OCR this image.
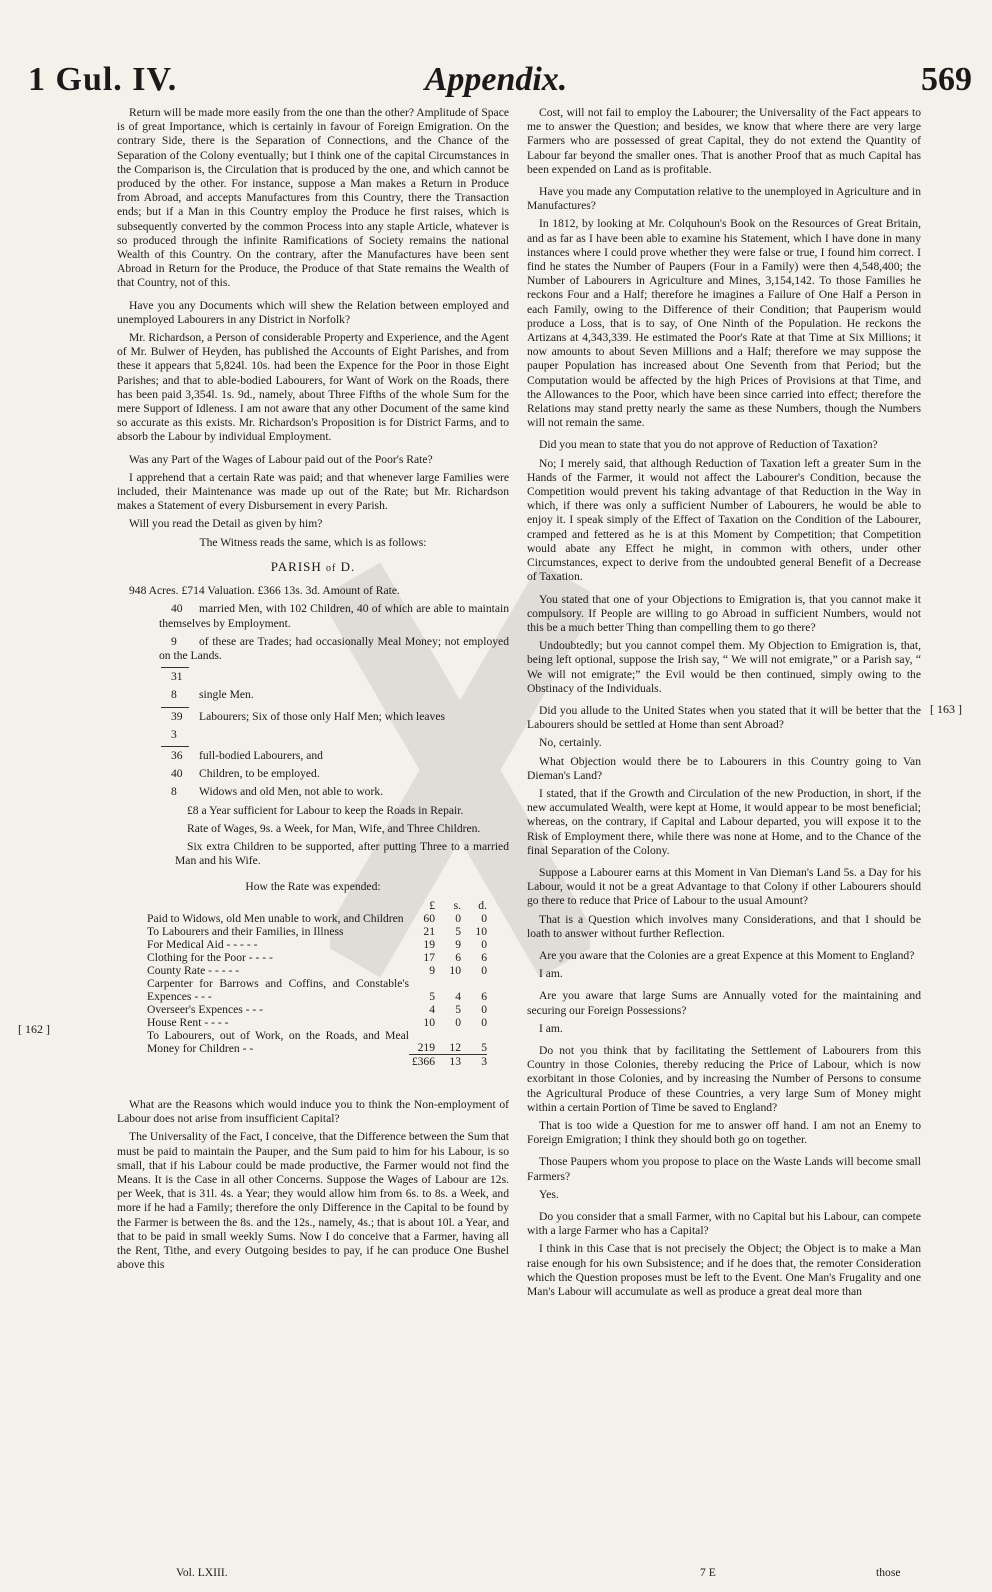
1 Gul. IV.	Appendix.	569

Return will be made more easily from the one than the other? Amplitude of Space is of great Importance, which is certainly in favour of Foreign Emigration. On the contrary Side, there is the Separation of Connections, and the Chance of the Separation of the Colony eventually; but I think one of the capital Circumstances in the Comparison is, the Circulation that is produced by the one, and which cannot be produced by the other. For instance, suppose a Man makes a Return in Produce from Abroad, and accepts Manufactures from this Country, there the Transaction ends; but if a Man in this Country employ the Produce he first raises, which is subsequently converted by the common Process into any staple Article, whatever is so produced through the infinite Ramifications of Society remains the national Wealth of this Country. On the contrary, after the Manufactures have been sent Abroad in Return for the Produce, the Produce of that State remains the Wealth of that Country, not of this.

Have you any Documents which will shew the Relation between employed and unemployed Labourers in any District in Norfolk?

Mr. Richardson, a Person of considerable Property and Experience, and the Agent of Mr. Bulwer of Heyden, has published the Accounts of Eight Parishes, and from these it appears that 5,824l. 10s. had been the Expence for the Poor in those Eight Parishes; and that to able-bodied Labourers, for Want of Work on the Roads, there has been paid 3,354l. 1s. 9d., namely, about Three Fifths of the whole Sum for the mere Support of Idleness. I am not aware that any other Document of the same kind so accurate as this exists. Mr. Richardson's Proposition is for District Farms, and to absorb the Labour by individual Employment.

Was any Part of the Wages of Labour paid out of the Poor's Rate?

I apprehend that a certain Rate was paid; and that whenever large Families were included, their Maintenance was made up out of the Rate; but Mr. Richardson makes a Statement of every Disbursement in every Parish.

Will you read the Detail as given by him?

The Witness reads the same, which is as follows:

PARISH of D.

948 Acres. £714 Valuation. £366 13s. 3d. Amount of Rate.

40 married Men, with 102 Children, 40 of which are able to maintain themselves by Employment.

9 of these are Trades; had occasionally Meal Money; not employed on the Lands.

31

8 single Men.

39 Labourers; Six of those only Half Men; which leaves

3

36 full-bodied Labourers, and

40 Children, to be employed.

8 Widows and old Men, not able to work.

£8 a Year sufficient for Labour to keep the Roads in Repair.

Rate of Wages, 9s. a Week, for Man, Wife, and Three Children.

Six extra Children to be supported, after putting Three to a married Man and his Wife.

How the Rate was expended:

	£	s.	d.
Paid to Widows, old Men unable to work, and Children	60	0	0
To Labourers and their Families, in Illness	21	5	10
For Medical Aid - - - - -	19	9	0
Clothing for the Poor - - - -	17	6	6
County Rate - - - - -	9	10	0
Carpenter for Barrows and Coffins, and Constable's Expences - - -	5	4	6
Overseer's Expences - - -	4	5	0
House Rent - - - -	10	0	0
To Labourers, out of Work, on the Roads, and Meal Money for Children - -	219	12	5
	£366	13	3

What are the Reasons which would induce you to think the Non-employment of Labour does not arise from insufficient Capital?

The Universality of the Fact, I conceive, that the Difference between the Sum that must be paid to maintain the Pauper, and the Sum paid to him for his Labour, is so small, that if his Labour could be made productive, the Farmer would not find the Means. It is the Case in all other Concerns. Suppose the Wages of Labour are 12s. per Week, that is 31l. 4s. a Year; they would allow him from 6s. to 8s. a Week, and more if he had a Family; therefore the only Difference in the Capital to be found by the Farmer is between the 8s. and the 12s., namely, 4s.; that is about 10l. a Year, and that to be paid in small weekly Sums. Now I do conceive that a Farmer, having all the Rent, Tithe, and every Outgoing besides to pay, if he can produce One Bushel above this

Cost, will not fail to employ the Labourer; the Universality of the Fact appears to me to answer the Question; and besides, we know that where there are very large Farmers who are possessed of great Capital, they do not extend the Quantity of Labour far beyond the smaller ones. That is another Proof that as much Capital has been expended on Land as is profitable.

Have you made any Computation relative to the unemployed in Agriculture and in Manufactures?

In 1812, by looking at Mr. Colquhoun's Book on the Resources of Great Britain, and as far as I have been able to examine his Statement, which I have done in many instances where I could prove whether they were false or true, I found him correct. I find he states the Number of Paupers (Four in a Family) were then 4,548,400; the Number of Labourers in Agriculture and Mines, 3,154,142. To those Families he reckons Four and a Half; therefore he imagines a Failure of One Half a Person in each Family, owing to the Difference of their Condition; that Pauperism would produce a Loss, that is to say, of One Ninth of the Population. He reckons the Artizans at 4,343,339. He estimated the Poor's Rate at that Time at Six Millions; it now amounts to about Seven Millions and a Half; therefore we may suppose the pauper Population has increased about One Seventh from that Period; but the Computation would be affected by the high Prices of Provisions at that Time, and the Allowances to the Poor, which have been since carried into effect; therefore the Relations may stand pretty nearly the same as these Numbers, though the Numbers will not remain the same.

Did you mean to state that you do not approve of Reduction of Taxation?

No; I merely said, that although Reduction of Taxation left a greater Sum in the Hands of the Farmer, it would not affect the Labourer's Condition, because the Competition would prevent his taking advantage of that Reduction in the Way in which, if there was only a sufficient Number of Labourers, he would be able to enjoy it. I speak simply of the Effect of Taxation on the Condition of the Labourer, cramped and fettered as he is at this Moment by Competition; that Competition would abate any Effect he might, in common with others, under other Circumstances, expect to derive from the undoubted general Benefit of a Decrease of Taxation.

You stated that one of your Objections to Emigration is, that you cannot make it compulsory. If People are willing to go Abroad in sufficient Numbers, would not this be a much better Thing than compelling them to go there?

Undoubtedly; but you cannot compel them. My Objection to Emigration is, that, being left optional, suppose the Irish say, “ We will not emigrate,” or a Parish say, “ We will not emigrate;” the Evil would be then continued, simply owing to the Obstinacy of the Individuals.

Did you allude to the United States when you stated that it will be better that the Labourers should be settled at Home than sent Abroad?

No, certainly.

What Objection would there be to Labourers in this Country going to Van Dieman's Land?

I stated, that if the Growth and Circulation of the new Production, in short, if the new accumulated Wealth, were kept at Home, it would appear to be most beneficial; whereas, on the contrary, if Capital and Labour departed, you will expose it to the Risk of Employment there, while there was none at Home, and to the Chance of the final Separation of the Colony.

Suppose a Labourer earns at this Moment in Van Dieman's Land 5s. a Day for his Labour, would it not be a great Advantage to that Colony if other Labourers should go there to reduce that Price of Labour to the usual Amount?

That is a Question which involves many Considerations, and that I should be loath to answer without further Reflection.

Are you aware that the Colonies are a great Expence at this Moment to England?

I am.

Are you aware that large Sums are Annually voted for the maintaining and securing our Foreign Possessions?

I am.

Do not you think that by facilitating the Settlement of Labourers from this Country in those Colonies, thereby reducing the Price of Labour, which is now exorbitant in those Colonies, and by increasing the Number of Persons to consume the Agricultural Produce of these Countries, a very large Sum of Money might within a certain Portion of Time be saved to England?

That is too wide a Question for me to answer off hand. I am not an Enemy to Foreign Emigration; I think they should both go on together.

Those Paupers whom you propose to place on the Waste Lands will become small Farmers?

Yes.

Do you consider that a small Farmer, with no Capital but his Labour, can compete with a large Farmer who has a Capital?

I think in this Case that is not precisely the Object; the Object is to make a Man raise enough for his own Subsistence; and if he does that, the remoter Consideration which the Question proposes must be left to the Event. One Man's Frugality and one Man's Labour will accumulate as well as produce a great deal more than

[ 162 ]
[ 163 ]
Vol. LXIII.	7 E	those
